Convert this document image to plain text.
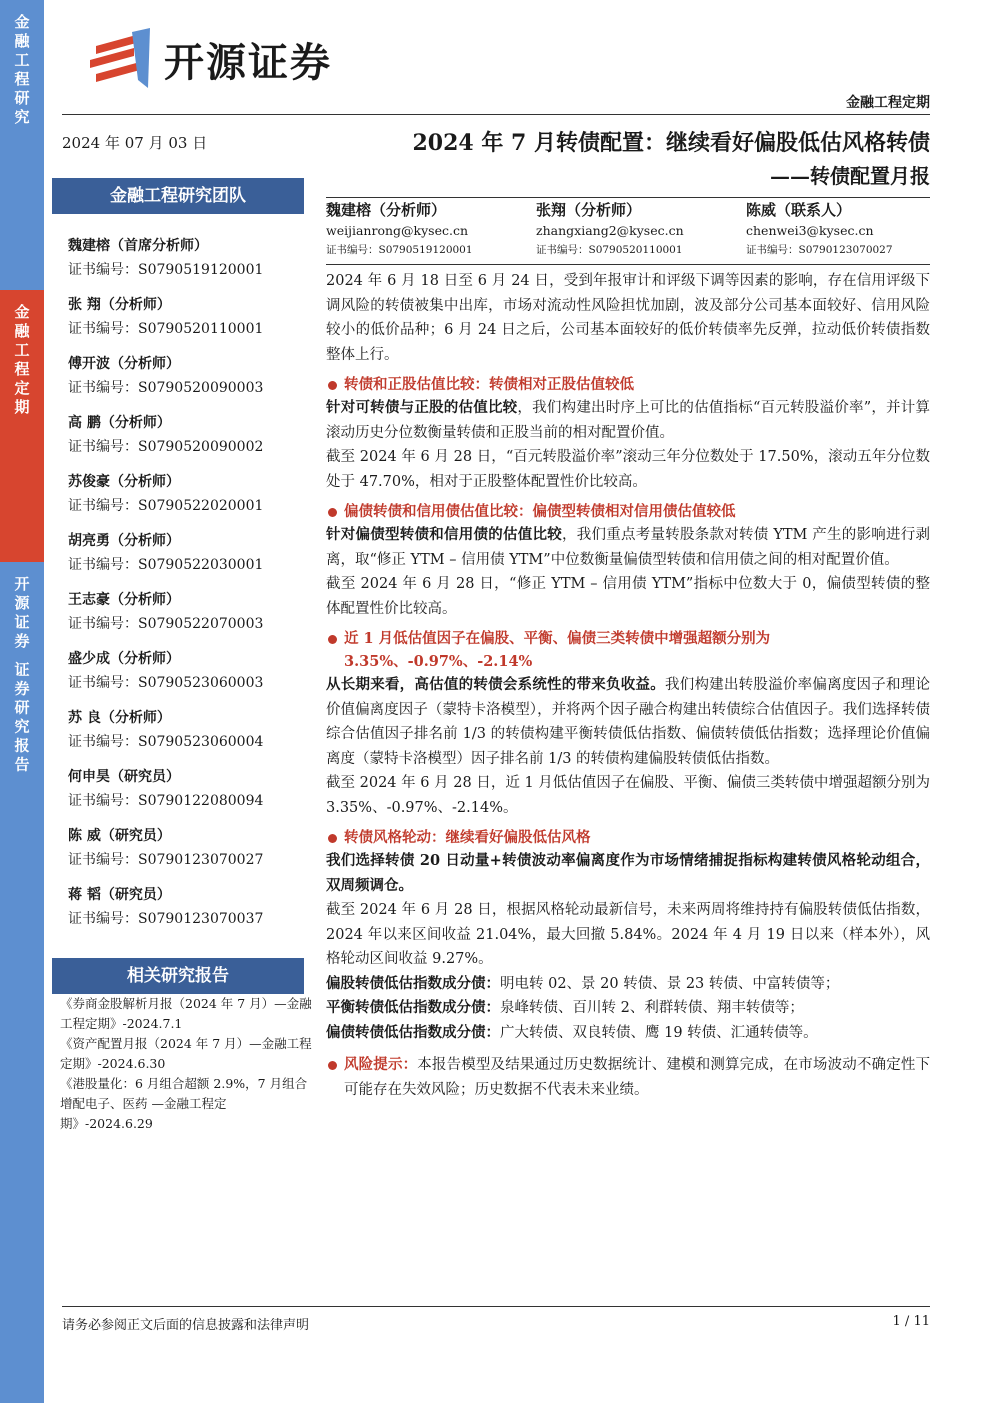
金融工程研究
金融工程定期
开源证券 证券研究报告
开源证券
金融工程定期
2024 年 07 月 03 日	2024 年 7 月转债配置：继续看好偏股低估风格转债
——转债配置月报
金融工程研究团队
魏建榕（首席分析师）
证书编号：S0790519120001
张 翔（分析师）
证书编号：S0790520110001
傅开波（分析师）
证书编号：S0790520090003
高 鹏（分析师）
证书编号：S0790520090002
苏俊豪（分析师）
证书编号：S0790522020001
胡亮勇（分析师）
证书编号：S0790522030001
王志豪（分析师）
证书编号：S0790522070003
盛少成（分析师）
证书编号：S0790523060003
苏 良（分析师）
证书编号：S0790523060004
何申昊（研究员）
证书编号：S0790122080094
陈 威（研究员）
证书编号：S0790123070027
蒋 韬（研究员）
证书编号：S0790123070037
相关研究报告
《券商金股解析月报（2024 年 7 月）—金融工程定期》-2024.7.1
《资产配置月报（2024 年 7 月）—金融工程定期》-2024.6.30
《港股量化：6 月组合超额 2.9%，7 月组合增配电子、医药 —金融工程定期》-2024.6.29
魏建榕（分析师）
weijianrong@kysec.cn
证书编号：S0790519120001
张翔（分析师）
zhangxiang2@kysec.cn
证书编号：S0790520110001
陈威（联系人）
chenwei3@kysec.cn
证书编号：S0790123070027
2024 年 6 月 18 日至 6 月 24 日，受到年报审计和评级下调等因素的影响，存在信用评级下调风险的转债被集中出库，市场对流动性风险担忧加剧，波及部分公司基本面较好、信用风险较小的低价品种；6 月 24 日之后，公司基本面较好的低价转债率先反弹，拉动低价转债指数整体上行。
转债和正股估值比较：转债相对正股估值较低
针对可转债与正股的估值比较，我们构建出时序上可比的估值指标“百元转股溢价率”，并计算滚动历史分位数衡量转债和正股当前的相对配置价值。
截至 2024 年 6 月 28 日，“百元转股溢价率”滚动三年分位数处于 17.50%，滚动五年分位数处于 47.70%，相对于正股整体配置性价比较高。
偏债转债和信用债估值比较：偏债型转债相对信用债估值较低
针对偏债型转债和信用债的估值比较，我们重点考量转股条款对转债 YTM 产生的影响进行剥离，取“修正 YTM – 信用债 YTM”中位数衡量偏债型转债和信用债之间的相对配置价值。
截至 2024 年 6 月 28 日，“修正 YTM – 信用债 YTM”指标中位数大于 0，偏债型转债的整体配置性价比较高。
近 1 月低估值因子在偏股、平衡、偏债三类转债中增强超额分别为 3.35%、-0.97%、-2.14%
从长期来看，高估值的转债会系统性的带来负收益。我们构建出转股溢价率偏离度因子和理论价值偏离度因子（蒙特卡洛模型），并将两个因子融合构建出转债综合估值因子。我们选择转债综合估值因子排名前 1/3 的转债构建平衡转债低估指数、偏债转债低估指数；选择理论价值偏离度（蒙特卡洛模型）因子排名前 1/3 的转债构建偏股转债低估指数。
截至 2024 年 6 月 28 日，近 1 月低估值因子在偏股、平衡、偏债三类转债中增强超额分别为 3.35%、-0.97%、-2.14%。
转债风格轮动：继续看好偏股低估风格
我们选择转债 20 日动量+转债波动率偏离度作为市场情绪捕捉指标构建转债风格轮动组合，双周频调仓。
截至 2024 年 6 月 28 日，根据风格轮动最新信号，未来两周将维持持有偏股转债低估指数，2024 年以来区间收益 21.04%，最大回撤 5.84%。2024 年 4 月 19 日以来（样本外），风格轮动区间收益 9.27%。
偏股转债低估指数成分债：明电转 02、景 20 转债、景 23 转债、中富转债等；
平衡转债低估指数成分债：泉峰转债、百川转 2、利群转债、翔丰转债等；
偏债转债低估指数成分债：广大转债、双良转债、鹰 19 转债、汇通转债等。
风险提示：本报告模型及结果通过历史数据统计、建模和测算完成，在市场波动不确定性下可能存在失效风险；历史数据不代表未来业绩。
请务必参阅正文后面的信息披露和法律声明	1 / 11
